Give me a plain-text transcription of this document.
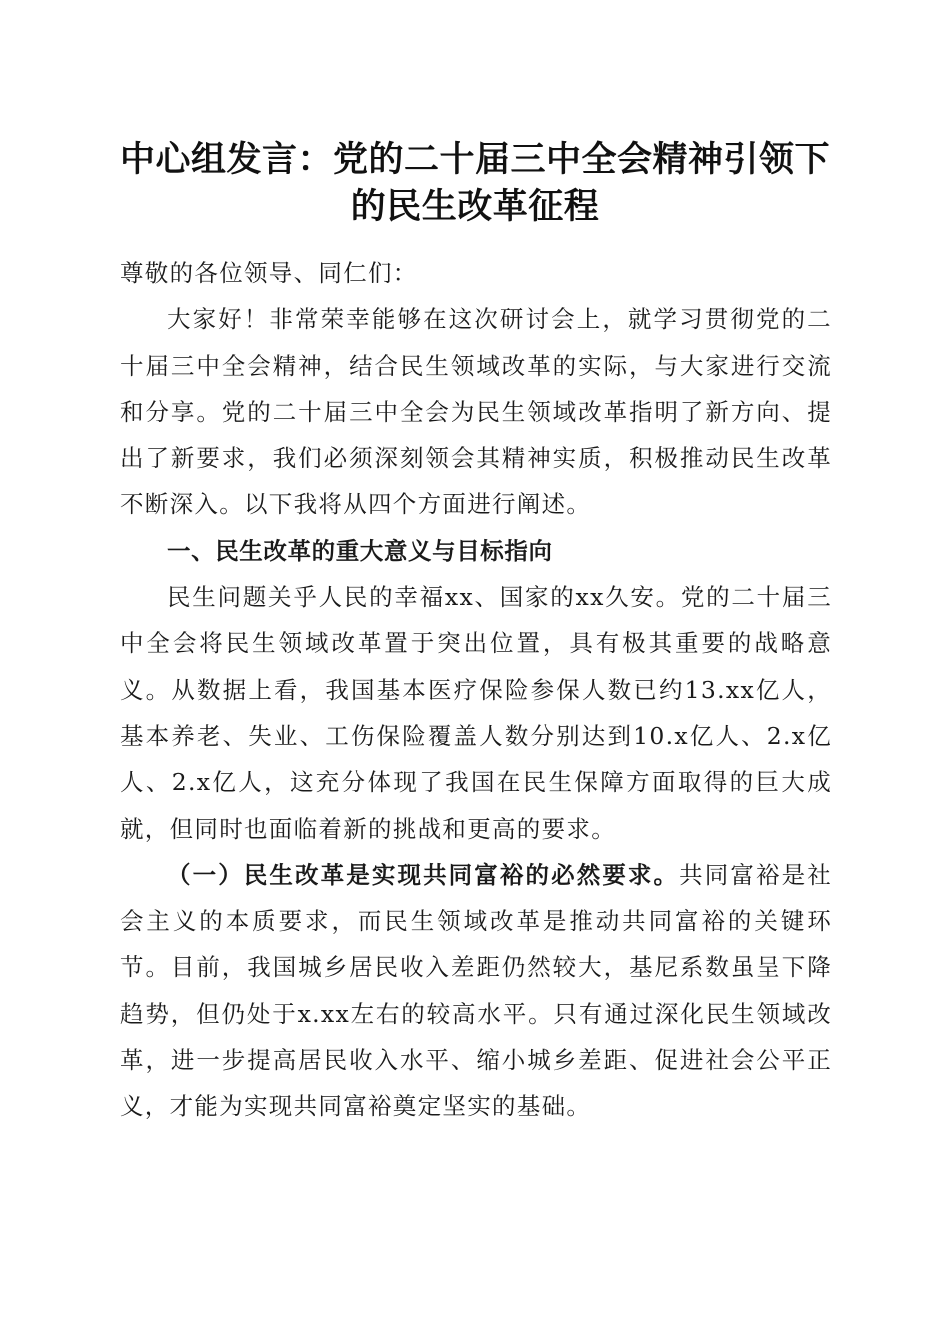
中心组发言：党的二十届三中全会精神引领下
的民生改革征程

尊敬的各位领导、同仁们：

大家好！非常荣幸能够在这次研讨会上，就学习贯彻党的二十届三中全会精神，结合民生领域改革的实际，与大家进行交流和分享。党的二十届三中全会为民生领域改革指明了新方向、提出了新要求，我们必须深刻领会其精神实质，积极推动民生改革不断深入。以下我将从四个方面进行阐述。

一、民生改革的重大意义与目标指向

民生问题关乎人民的幸福xx、国家的xx久安。党的二十届三中全会将民生领域改革置于突出位置，具有极其重要的战略意义。从数据上看，我国基本医疗保险参保人数已约13.xx亿人，基本养老、失业、工伤保险覆盖人数分别达到10.x亿人、2.x亿人、2.x亿人，这充分体现了我国在民生保障方面取得的巨大成就，但同时也面临着新的挑战和更高的要求。

（一）民生改革是实现共同富裕的必然要求。共同富裕是社会主义的本质要求，而民生领域改革是推动共同富裕的关键环节。目前，我国城乡居民收入差距仍然较大，基尼系数虽呈下降趋势，但仍处于x.xx左右的较高水平。只有通过深化民生领域改革，进一步提高居民收入水平、缩小城乡差距、促进社会公平正义，才能为实现共同富裕奠定坚实的基础。
